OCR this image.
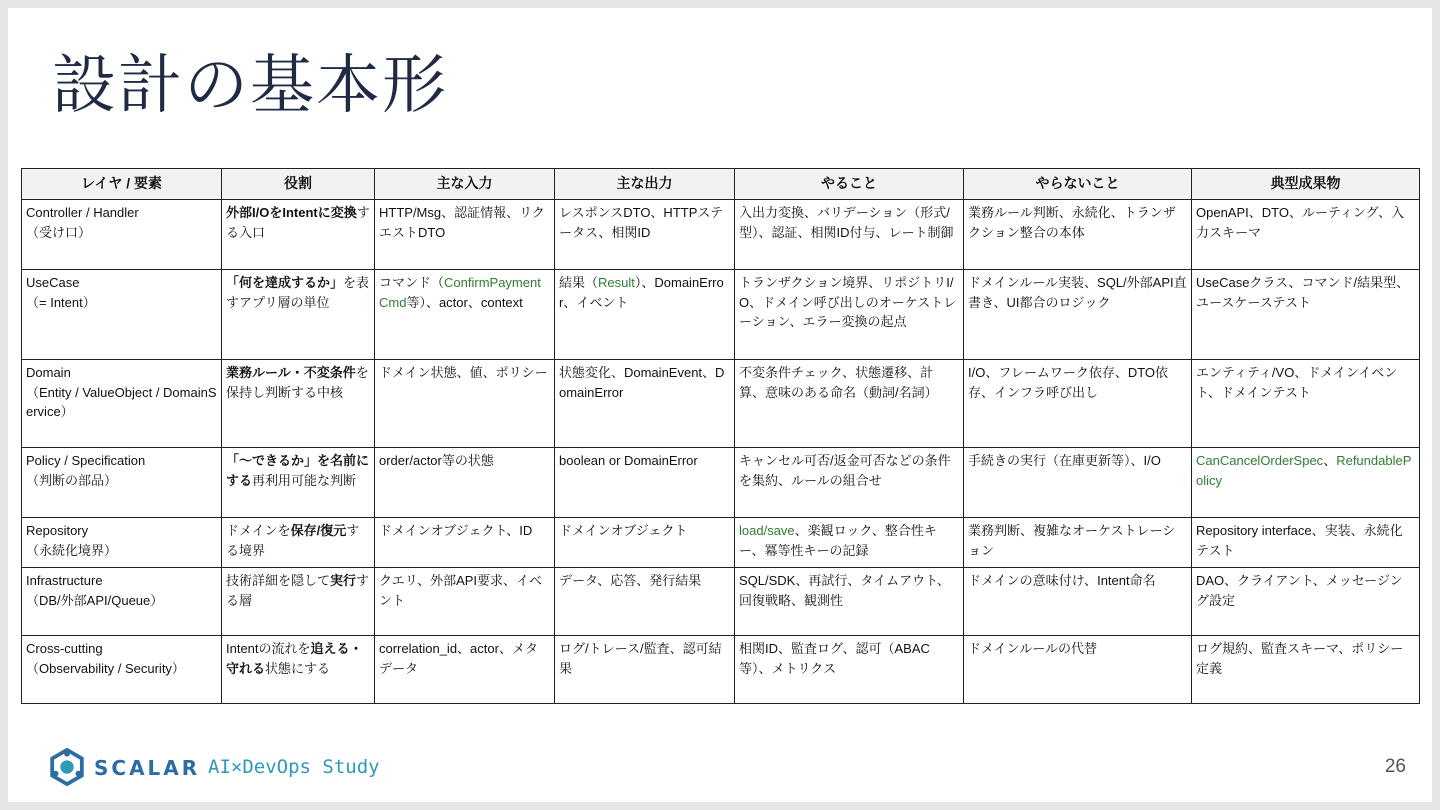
設計の基本形
レイヤ / 要素	役割	主な入力	主な出力	やること	やらないこと	典型成果物

Controller / Handler
（受け口）	外部I/OをIntentに変換する入口	HTTP/Msg、認証情報、リクエストDTO	レスポンスDTO、HTTPステータス、相関ID	入出力変換、バリデーション（形式/型）、認証、相関ID付与、レート制御	業務ルール判断、永続化、トランザクション整合の本体	OpenAPI、DTO、ルーティング、入力スキーマ

UseCase
（= Intent）	「何を達成するか」を表すアプリ層の単位	コマンド（ConfirmPaymentCmd等）、actor、context	結果（Result）、DomainError、イベント	トランザクション境界、リポジトリI/O、ドメイン呼び出しのオーケストレーション、エラー変換の起点	ドメインルール実装、SQL/外部API直書き、UI都合のロジック	UseCaseクラス、コマンド/結果型、ユースケーステスト

Domain
（Entity / ValueObject / DomainService）	業務ルール・不変条件を保持し判断する中核	ドメイン状態、値、ポリシー	状態変化、DomainEvent、DomainError	不変条件チェック、状態遷移、計算、意味のある命名（動詞/名詞）	I/O、フレームワーク依存、DTO依存、インフラ呼び出し	エンティティ/VO、ドメインイベント、ドメインテスト

Policy / Specification
（判断の部品）	「〜できるか」を名前にする再利用可能な判断	order/actor等の状態	boolean or DomainError	キャンセル可否/返金可否などの条件を集約、ルールの組合せ	手続きの実行（在庫更新等）、I/O	CanCancelOrderSpec、RefundablePolicy

Repository
（永続化境界）	ドメインを保存/復元する境界	ドメインオブジェクト、ID	ドメインオブジェクト	load/save、楽観ロック、整合性キー、冪等性キーの記録	業務判断、複雑なオーケストレーション	Repository interface、実装、永続化テスト

Infrastructure
（DB/外部API/Queue）	技術詳細を隠して実行する層	クエリ、外部API要求、イベント	データ、応答、発行結果	SQL/SDK、再試行、タイムアウト、回復戦略、観測性	ドメインの意味付け、Intent命名	DAO、クライアント、メッセージング設定

Cross-cutting
（Observability / Security）	Intentの流れを追える・守れる状態にする	correlation_id、actor、メタデータ	ログ/トレース/監査、認可結果	相関ID、監査ログ、認可（ABAC等）、メトリクス	ドメインルールの代替	ログ規約、監査スキーマ、ポリシー定義
SCALAR AI×DevOps Study	26
